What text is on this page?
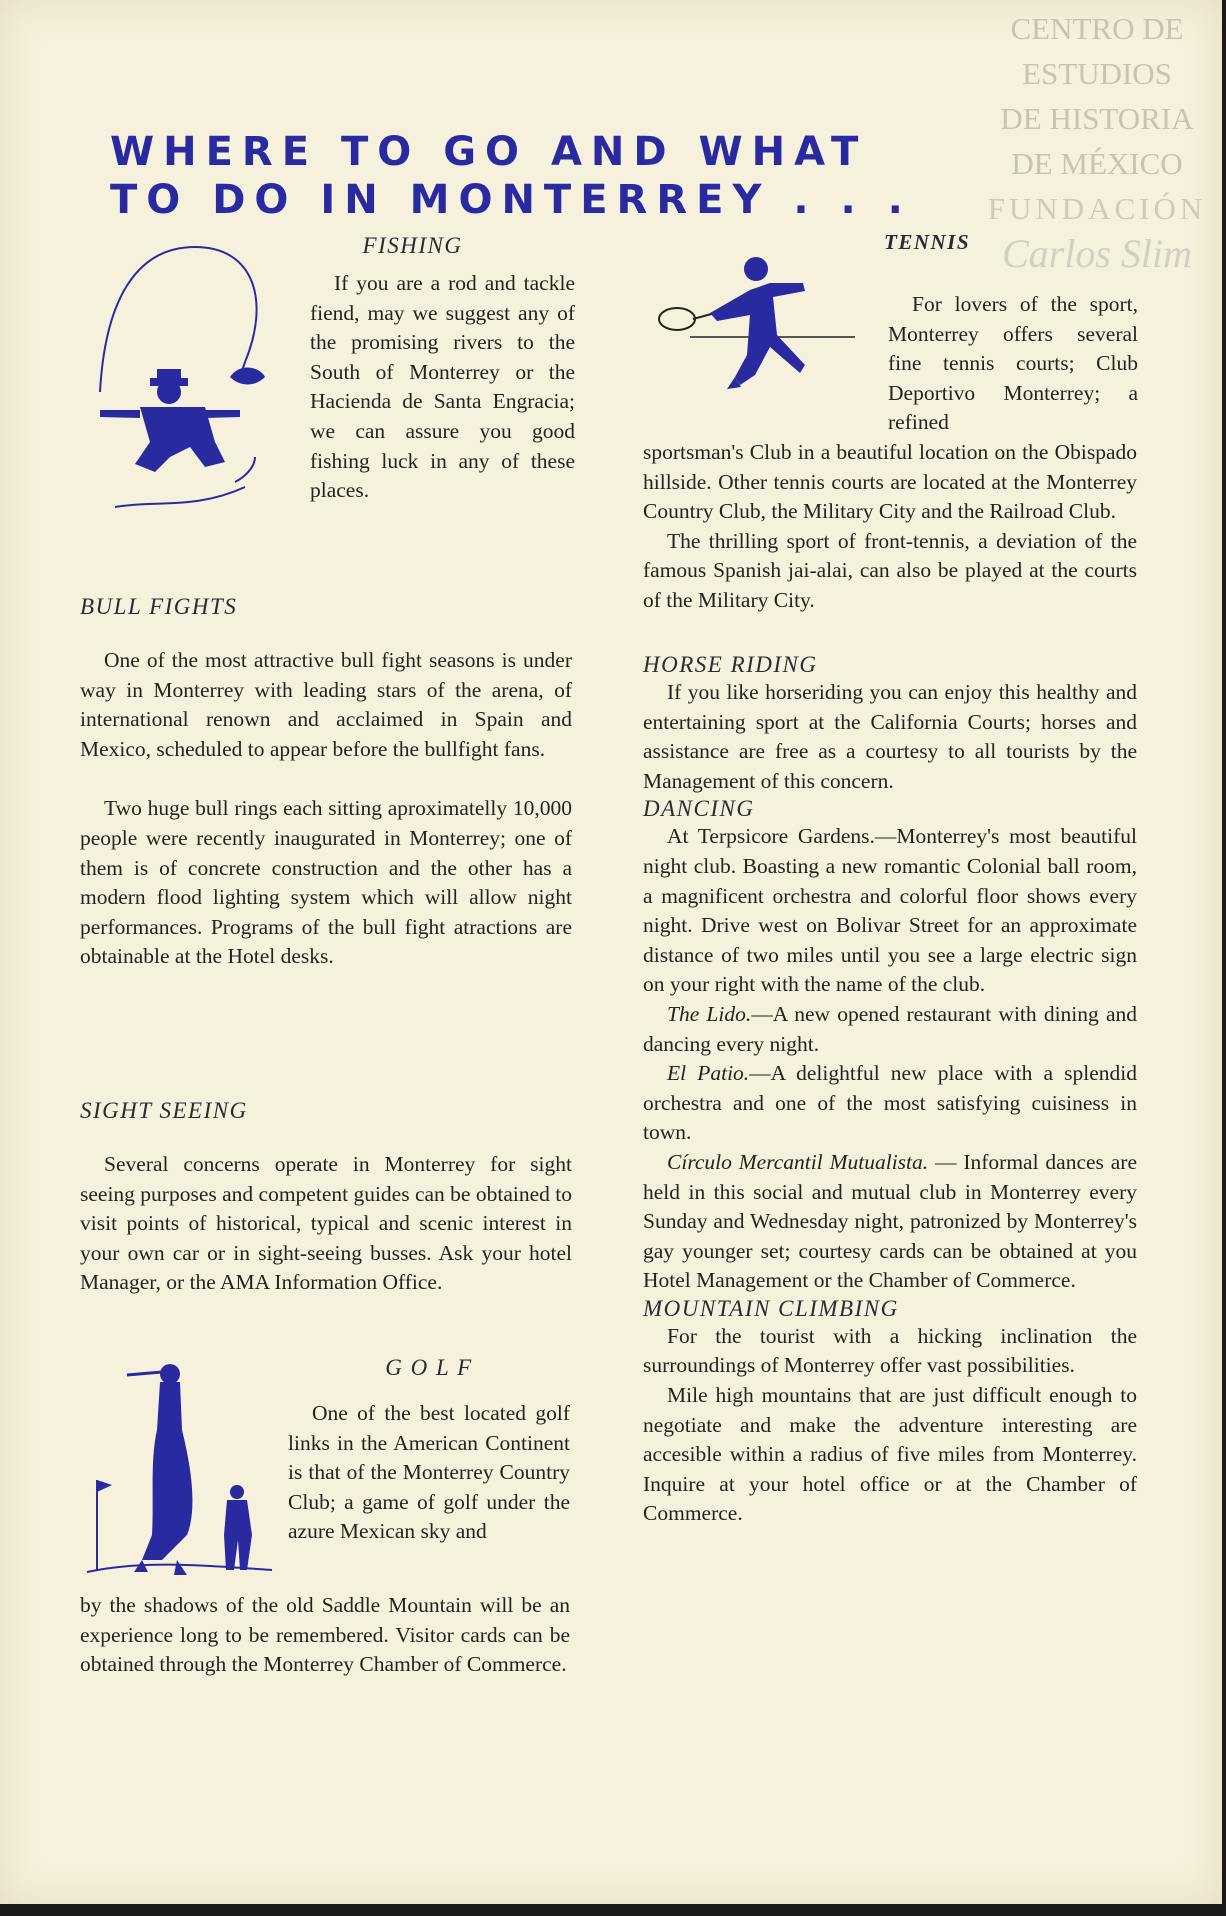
CENTRO DE
ESTUDIOS
DE HISTORIA
DE MÉXICO
FUNDACIÓN
Carlos Slim
WHERE TO GO AND WHAT
TO DO IN MONTERREY . . .
FISHING

If you are a rod and tackle fiend, may we suggest any of the promising rivers to the South of Monterrey or the Hacienda de Santa Engracia; we can assure you good fishing luck in any of these places.

BULL FIGHTS

One of the most attractive bull fight seasons is under way in Monterrey with leading stars of the arena, of international renown and acclaimed in Spain and Mexico, scheduled to appear before the bullfight fans.

Two huge bull rings each sitting aproximatelly 10,000 people were recently inaugurated in Monterrey; one of them is of concrete construction and the other has a modern flood lighting system which will allow night performances. Programs of the bull fight atractions are obtainable at the Hotel desks.

SIGHT SEEING

Several concerns operate in Monterrey for sight seeing purposes and competent guides can be obtained to visit points of historical, typical and scenic interest in your own car or in sight-seeing busses. Ask your hotel Manager, or the AMA Information Office.

G O L F

One of the best located golf links in the American Continent is that of the Monterrey Country Club; a game of golf under the azure Mexican sky and

by the shadows of the old Saddle Mountain will be an experience long to be remembered. Visitor cards can be obtained through the Monterrey Chamber of Commerce.

TENNIS

For lovers of the sport, Monterrey offers several fine tennis courts; Club Deportivo Monterrey; a refined

sportsman's Club in a beautiful location on the Obispado hillside. Other tennis courts are located at the Monterrey Country Club, the Military City and the Railroad Club.

The thrilling sport of front-tennis, a deviation of the famous Spanish jai-alai, can also be played at the courts of the Military City.

HORSE RIDING

If you like horseriding you can enjoy this healthy and entertaining sport at the California Courts; horses and assistance are free as a courtesy to all tourists by the Management of this concern.

DANCING

At Terpsicore Gardens.—Monterrey's most beautiful night club. Boasting a new romantic Colonial ball room, a magnificent orchestra and colorful floor shows every night. Drive west on Bolivar Street for an approximate distance of two miles until you see a large electric sign on your right with the name of the club.

The Lido.—A new opened restaurant with dining and dancing every night.

El Patio.—A delightful new place with a splendid orchestra and one of the most satisfying cuisiness in town.

Círculo Mercantil Mutualista. — Informal dances are held in this social and mutual club in Monterrey every Sunday and Wednesday night, patronized by Monterrey's gay younger set; courtesy cards can be obtained at you Hotel Management or the Chamber of Commerce.

MOUNTAIN CLIMBING

For the tourist with a hicking inclination the surroundings of Monterrey offer vast possibilities.

Mile high mountains that are just difficult enough to negotiate and make the adventure interesting are accesible within a radius of five miles from Monterrey. Inquire at your hotel office or at the Chamber of Commerce.
